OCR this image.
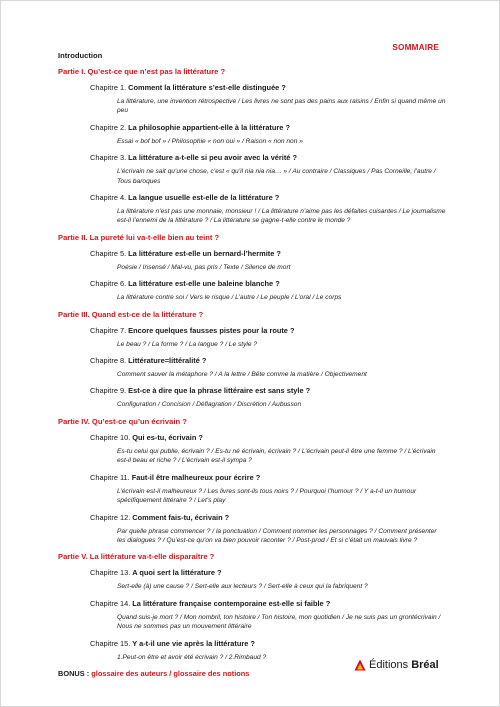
SOMMAIRE
Introduction
Partie I. Qu’est-ce que n’est pas la littérature ?
Chapitre 1. Comment la littérature s’est-elle distinguée ?
La littérature, une invention rétrospective / Les livres ne sont pas des pains aux raisins / Enfin si quand même un peu
Chapitre 2. La philosophie appartient-elle à la littérature ?
Essai « bof bof » / Philosophie « non oui » / Raison « non non »
Chapitre 3. La littérature a-t-elle si peu avoir avec la vérité ?
L’écrivain ne sait qu’une chose, c’est « qu’il nia nia nia… » / Au contraire / Classiques / Pas Corneille, l’autre / Tous baroques
Chapitre 4. La langue usuelle est-elle de la littérature ?
La littérature n’est pas une monnaie, monsieur ! / La littérature n’aime pas les défaites cuisantes / Le journalisme est-il l’ennemi de la littérature ? / La littérature se gagne-t-elle contre le monde ?
Partie II. La pureté lui va-t-elle bien au teint ?
Chapitre 5. La littérature est-elle un bernard-l’hermite ?
Poésie / Insensé / Mal-vu, pas pris / Texte / Silence de mort
Chapitre 6. La littérature est-elle une baleine blanche ?
La littérature contre soi / Vers le risque / L’autre / Le peuple / L’oral / Le corps
Partie III. Quand est-ce de la littérature ?
Chapitre 7. Encore quelques fausses pistes pour la route ?
Le beau ? / La forme ? / La langue ? / Le style ?
Chapitre 8. Littérature=littéralité ?
Comment sauver la métaphore ? / A la lettre / Bête comme la matière / Objectivement
Chapitre 9. Est-ce à dire que la phrase littéraire est sans style ?
Configuration / Concision / Déflagration / Discrétion / Aubusson
Partie IV. Qu’est-ce qu’un écrivain ?
Chapitre 10. Qui es-tu, écrivain ?
Es-tu celui qui publie, écrivain ? / Es-tu né écrivain, écrivain ? / L’écrivain peut-il être une femme ? / L’écrivain est-il beau et riche ? / L’écrivain est-il sympa ?
Chapitre 11. Faut-il être malheureux pour écrire ?
L’écrivain est-il malheureux ? / Les livres sont-ils tous noirs ? / Pourquoi l’humour ? / Y a-t-il un humour spécifiquement littéraire ? / Let’s play
Chapitre 12. Comment fais-tu, écrivain ?
Par quelle phrase commencer ? / la ponctuation / Comment nommer les personnages ? / Comment présenter les dialogues ? / Qu’est-ce qu’on va bien pouvoir raconter ? / Post-prod / Et si c’était un mauvais livre ?
Partie V. La littérature va-t-elle disparaître ?
Chapitre 13. A quoi sert la littérature ?
Sert-elle (à) une cause ? / Sert-elle aux lecteurs ? / Sert-elle à ceux qui la fabriquent ?
Chapitre 14. La littérature française contemporaine est-elle si faible ?
Quand suis-je mort ? / Mon nombril, ton histoire / Ton histoire, mon quotidien / Je ne suis pas un grontécrivain / Nous ne sommes pas un mouvement littéraire
Chapitre 15. Y a-t-il une vie après la littérature ?
1.Peut-on être et avoir été écrivain ? / 2.Rimbaud ?
BONUS : glossaire des auteurs / glossaire des notions
Éditions Bréal
